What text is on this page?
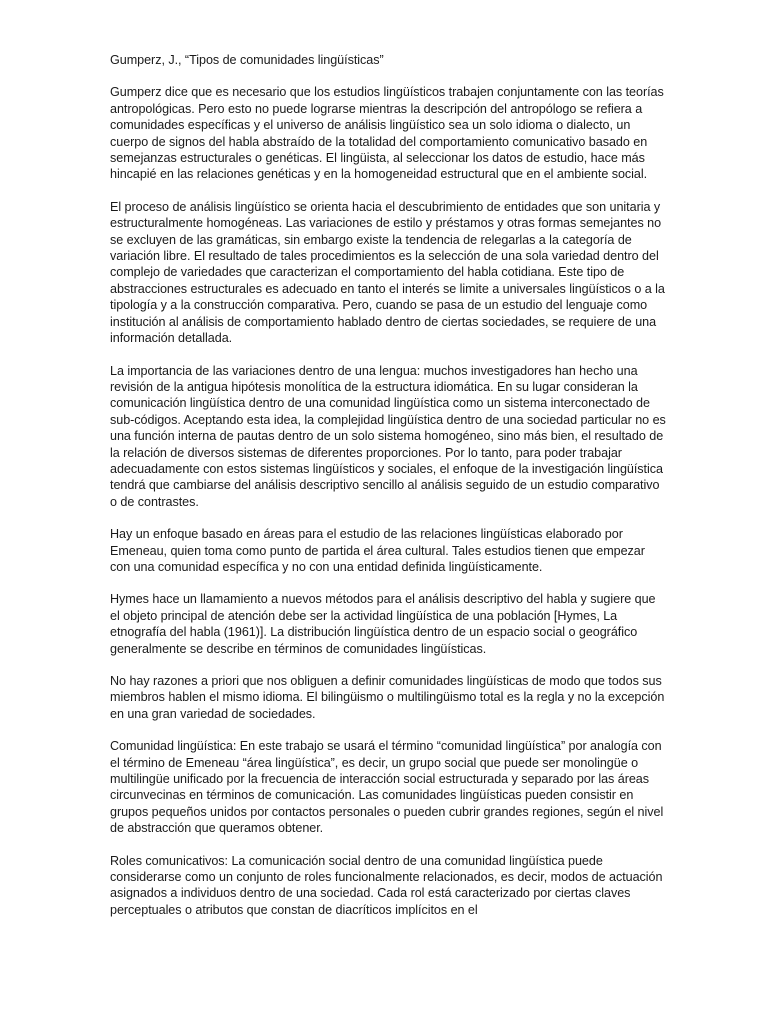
Gumperz, J., “Tipos de comunidades lingüísticas”

Gumperz dice que es necesario que los estudios lingüísticos trabajen conjuntamente con las teorías antropológicas. Pero esto no puede lograrse mientras la descripción del antropólogo se refiera a comunidades específicas y el universo de análisis lingüístico sea un solo idioma o dialecto, un cuerpo de signos del habla abstraído de la totalidad del comportamiento comunicativo basado en semejanzas estructurales o genéticas. El lingüista, al seleccionar los datos de estudio, hace más hincapié en las relaciones genéticas y en la homogeneidad estructural que en el ambiente social.

El proceso de análisis lingüístico se orienta hacia el descubrimiento de entidades que son unitaria y estructuralmente homogéneas. Las variaciones de estilo y préstamos y otras formas semejantes no se excluyen de las gramáticas, sin embargo existe la tendencia de relegarlas a la categoría de variación libre. El resultado de tales procedimientos es la selección de una sola variedad dentro del complejo de variedades que caracterizan el comportamiento del habla cotidiana. Este tipo de abstracciones estructurales es adecuado en tanto el interés se limite a universales lingüísticos o a la tipología y a la construcción comparativa. Pero, cuando se pasa de un estudio del lenguaje como institución al análisis de comportamiento hablado dentro de ciertas sociedades, se requiere de una información detallada.

La importancia de las variaciones dentro de una lengua: muchos investigadores han hecho una revisión de la antigua hipótesis monolítica de la estructura idiomática. En su lugar consideran la comunicación lingüística dentro de una comunidad lingüística como un sistema interconectado de sub-códigos. Aceptando esta idea, la complejidad lingüística dentro de una sociedad particular no es una función interna de pautas dentro de un solo sistema homogéneo, sino más bien, el resultado de la relación de diversos sistemas de diferentes proporciones. Por lo tanto, para poder trabajar adecuadamente con estos sistemas lingüísticos y sociales, el enfoque de la investigación lingüística tendrá que cambiarse del análisis descriptivo sencillo al análisis seguido de un estudio comparativo o de contrastes.

Hay un enfoque basado en áreas para el estudio de las relaciones lingüísticas elaborado por Emeneau, quien toma como punto de partida el área cultural. Tales estudios tienen que empezar con una comunidad específica y no con una entidad definida lingüísticamente.

Hymes hace un llamamiento a nuevos métodos para el análisis descriptivo del habla y sugiere que el objeto principal de atención debe ser la actividad lingüística de una población [Hymes, La etnografía del habla (1961)]. La distribución lingüística dentro de un espacio social o geográfico generalmente se describe en términos de comunidades lingüísticas.

No hay razones a priori que nos obliguen a definir comunidades lingüísticas de modo que todos sus miembros hablen el mismo idioma. El bilingüismo o multilingüismo total es la regla y no la excepción en una gran variedad de sociedades.

Comunidad lingüística: En este trabajo se usará el término “comunidad lingüística” por analogía con el término de Emeneau “área lingüística”, es decir, un grupo social que puede ser monolingüe o multilingüe unificado por la frecuencia de interacción social estructurada y separado por las áreas circunvecinas en términos de comunicación. Las comunidades lingüísticas pueden consistir en grupos pequeños unidos por contactos personales o pueden cubrir grandes regiones, según el nivel de abstracción que queramos obtener.

Roles comunicativos: La comunicación social dentro de una comunidad lingüística puede considerarse como un conjunto de roles funcionalmente relacionados, es decir, modos de actuación asignados a individuos dentro de una sociedad. Cada rol está caracterizado por ciertas claves perceptuales o atributos que constan de diacríticos implícitos en el
